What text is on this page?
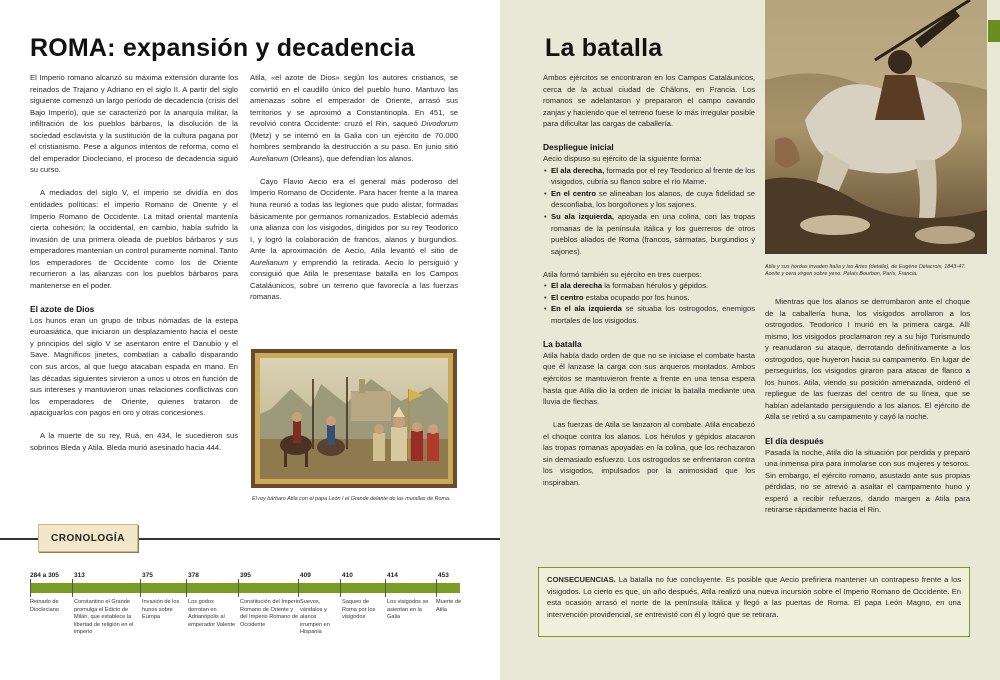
ROMA: expansión y decadencia

El Imperio romano alcanzó su máxima extensión durante los reinados de Trajano y Adriano en el siglo II. A partir del siglo siguiente comenzó un largo período de decadencia (crisis del Bajo Imperio), que se caracterizó por la anarquía militar, la infiltración de los pueblos bárbaros, la disolución de la sociedad esclavista y la sustitución de la cultura pagana por el cristianismo. Pese a algunos intentos de reforma, como el del emperador Diocleciano, el proceso de decadencia siguió su curso.

A mediados del siglo V, el imperio se dividía en dos entidades políticas: el imperio Romano de Oriente y el Imperio Romano de Occidente. La mitad oriental mantenía cierta cohesión; la occidental, en cambio, había sufrido la invasión de una primera oleada de pueblos bárbaros y sus emperadores mantenían un control puramente nominal. Tanto los emperadores de Occidente como los de Oriente recurrieron a las alianzas con los pueblos bárbaros para mantenerse en el poder.

El azote de Dios

Los hunos eran un grupo de tribus nómadas de la estepa euroasiática, que iniciaron un desplazamiento hacia el oeste y principios del siglo V se asentaron entre el Danubio y el Save. Magníficos jinetes, combatían a caballo disparando con sus arcos, al que luego atacaban espada en mano. En las décadas siguientes sirvieron a unos u otros en función de sus intereses y mantuvieron unas relaciones conflictivas con los emperadores de Oriente, quienes trataron de apaciguarlos con pagos en oro y otras concesiones.

A la muerte de su rey, Ruá, en 434, le sucedieron sus sobrinos Bleda y Atila. Bleda murió asesinado hacia 444.

Atila, «el azote de Dios» según los autores cristianos, se convirtió en el caudillo único del pueblo huno. Mantuvo las amenazas sobre el emperador de Oriente, arrasó sus territorios y se aproximó a Constantinopla. En 451, se revolvió contra Occidente: cruzó el Rin, saqueó Divodorum (Metz) y se internó en la Galia con un ejército de 70.000 hombres sembrando la destrucción a su paso. En junio sitió Aurelianum (Orleans), que defendían los alanos.

Cayo Flavio Aecio era el general más poderoso del Imperio Romano de Occidente. Para hacer frente a la marea huna reunió a todas las legiones que pudo alistar, formadas básicamente por germanos romanizados. Estableció además una alianza con los visigodos, dirigidos por su rey Teodorico I, y logró la colaboración de francos, alanos y burgundios. Ante la aproximación de Aecio, Atila levantó el sitio de Aurelianum y emprendió la retirada. Aecio lo persiguió y consiguió que Atila le presentase batalla en los Campos Cataláunicos, sobre un terreno que favorecía a las fuerzas romanas.

El rey bárbaro Atila con el papa León I el Grande delante de las murallas de Roma.
CRONOLOGÍA
284 a 305
Reinado de Diocleciano
313
Constantino el Grande promulga el Edicto de Milán, que establece la libertad de religión en el imperio
375
Invasión de los hunos sobre Europa
378
Los godos derrotan en Adrianópolis al emperador Valente
395
Constitución del Imperio Romano de Oriente y del Imperio Romano de Occidente
409
Suevos, vándalos y alanos irrumpen en Hispania
410
Saqueo de Roma por los visigodos
414
Los visigodos se asientan en la Galia
453
Muerte de Atila
La batalla
Atila y sus hordas invaden Italia y las Artes (detalle), de Eugène Delacroix, 1843-47. Aceite y cera virgen sobre yeso. Palais Bourbon, París, Francia.

Ambos ejércitos se encontraron en los Campos Cataláunicos, cerca de la actual ciudad de Châlons, en Francia. Los romanos se adelantaron y prepararon el campo cavando zanjas y haciendo que el terreno fuese lo más irregular posible para dificultar las cargas de caballería.

Despliegue inicial

Aecio dispuso su ejército de la siguiente forma:

• El ala derecha, formada por el rey Teodorico al frente de los visigodos, cubría su flanco sobre el río Marne.
• En el centro se alineaban los alanos, de cuya fidelidad se desconfiaba, los borgoñones y los sajones.
• Su ala izquierda, apoyada en una colina, con las tropas romanas de la península Itálica y los guerreros de otros pueblos aliados de Roma (francos, sármatas, burgundios y sajones).

Atila formó también su ejército en tres cuerpos:

• El ala derecha la formaban hérulos y gépidos.
• El centro estaba ocupado por los hunos.
• En el ala izquierda se situaba los ostrogodos, enemigos mortales de los visigodos.
La batalla

Atila había dado orden de que no se iniciase el combate hasta que él lanzase la carga con sus arqueros montados. Ambos ejércitos se mantuvieron frente a frente en una tensa espera hasta que Atila dio la orden de iniciar la batalla mediante una lluvia de flechas.

Las fuerzas de Atila se lanzaron al combate. Atila encabezó el choque contra los alanos. Los hérulos y gépidos atacaron las tropas romanas apoyadas en la colina, que los rechazaron sin demasiado esfuerzo. Los ostrogodos se enfrentaron contra los visigodos, impulsados por la animosidad que los inspiraban.

Mientras que los alanos se derrumbaron ante el choque de la caballería huna, los visigodos arrollaron a los ostrogodos. Teodorico I murió en la primera carga. Allí mismo, los visigodos proclamaron rey a su hijo Turismundo y reanudaron su ataque, derrotando definitivamente a los ostrogodos, que huyeron hacia su campamento. En lugar de perseguirlos, los visigodos giraron para atacar de flanco a los hunos. Atila, viendo su posición amenazada, ordenó el repliegue de las fuerzas del centro de su línea, que se habían adelantado persiguiendo a los alanos. El ejército de Atila se retiró a su campamento y cayó la noche.

El día después

Pasada la noche, Atila dio la situación por perdida y preparó una inmensa pira para inmolarse con sus mujeres y tesoros. Sin embargo, el ejército romano, asustado ante sus propias pérdidas, no se atrevió a asaltar el campamento huno y esperó a recibir refuerzos, dando margen a Atila para retirarse rápidamente hacia el Rin.

CONSECUENCIAS. La batalla no fue concluyente. Es posible que Aecio prefiriera mantener un contrapeso frente a los visigodos. Lo cierto es que, un año después, Atila realizó una nueva incursión sobre el Imperio Romano de Occidente. En esta ocasión arrasó el norte de la península Itálica y llegó a las puertas de Roma. El papa León Magno, en una intervención providencial, se entrevistó con él y logró que se retirara.
